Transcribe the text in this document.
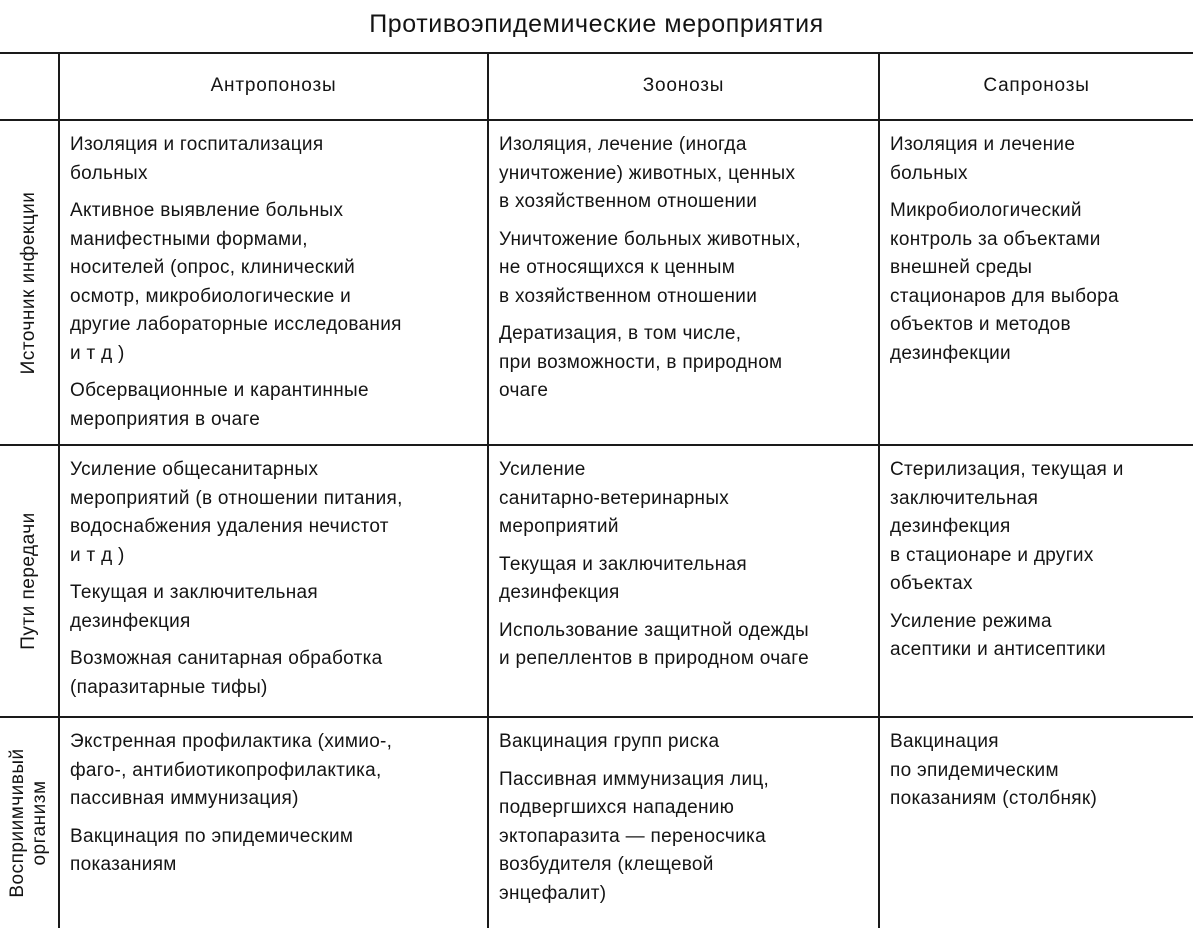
Противоэпидемические мероприятия
Антропонозы	Зоонозы	Сапронозы
Источник инфекции

Изоляция и госпитализация
больных

Активное выявление больных
манифестными формами,
носителей (опрос, клинический
осмотр, микробиологические и
другие лабораторные исследования
и т д )

Обсервационные и карантинные
мероприятия в очаге

Изоляция, лечение (иногда
уничтожение) животных, ценных
в хозяйственном отношении

Уничтожение больных животных,
не относящихся к ценным
в хозяйственном отношении

Дератизация, в том числе,
при возможности, в природном
очаге

Изоляция и лечение
больных

Микробиологический
контроль за объектами
внешней среды
стационаров для выбора
объектов и методов
дезинфекции

Пути передачи

Усиление общесанитарных
мероприятий (в отношении питания,
водоснабжения удаления нечистот
и т д )

Текущая и заключительная
дезинфекция

Возможная санитарная обработка
(паразитарные тифы)

Усиление
санитарно-ветеринарных
мероприятий

Текущая и заключительная
дезинфекция

Использование защитной одежды
и репеллентов в природном очаге

Стерилизация, текущая и
заключительная
дезинфекция
в стационаре и других
объектах

Усиление режима
асептики и антисептики

Восприимчивый
организм

Экстренная профилактика (химио-,
фаго-, антибиотикопрофилактика,
пассивная иммунизация)

Вакцинация по эпидемическим
показаниям

Вакцинация групп риска

Пассивная иммунизация лиц,
подвергшихся нападению
эктопаразита — переносчика
возбудителя (клещевой
энцефалит)

Вакцинация
по эпидемическим
показаниям (столбняк)
